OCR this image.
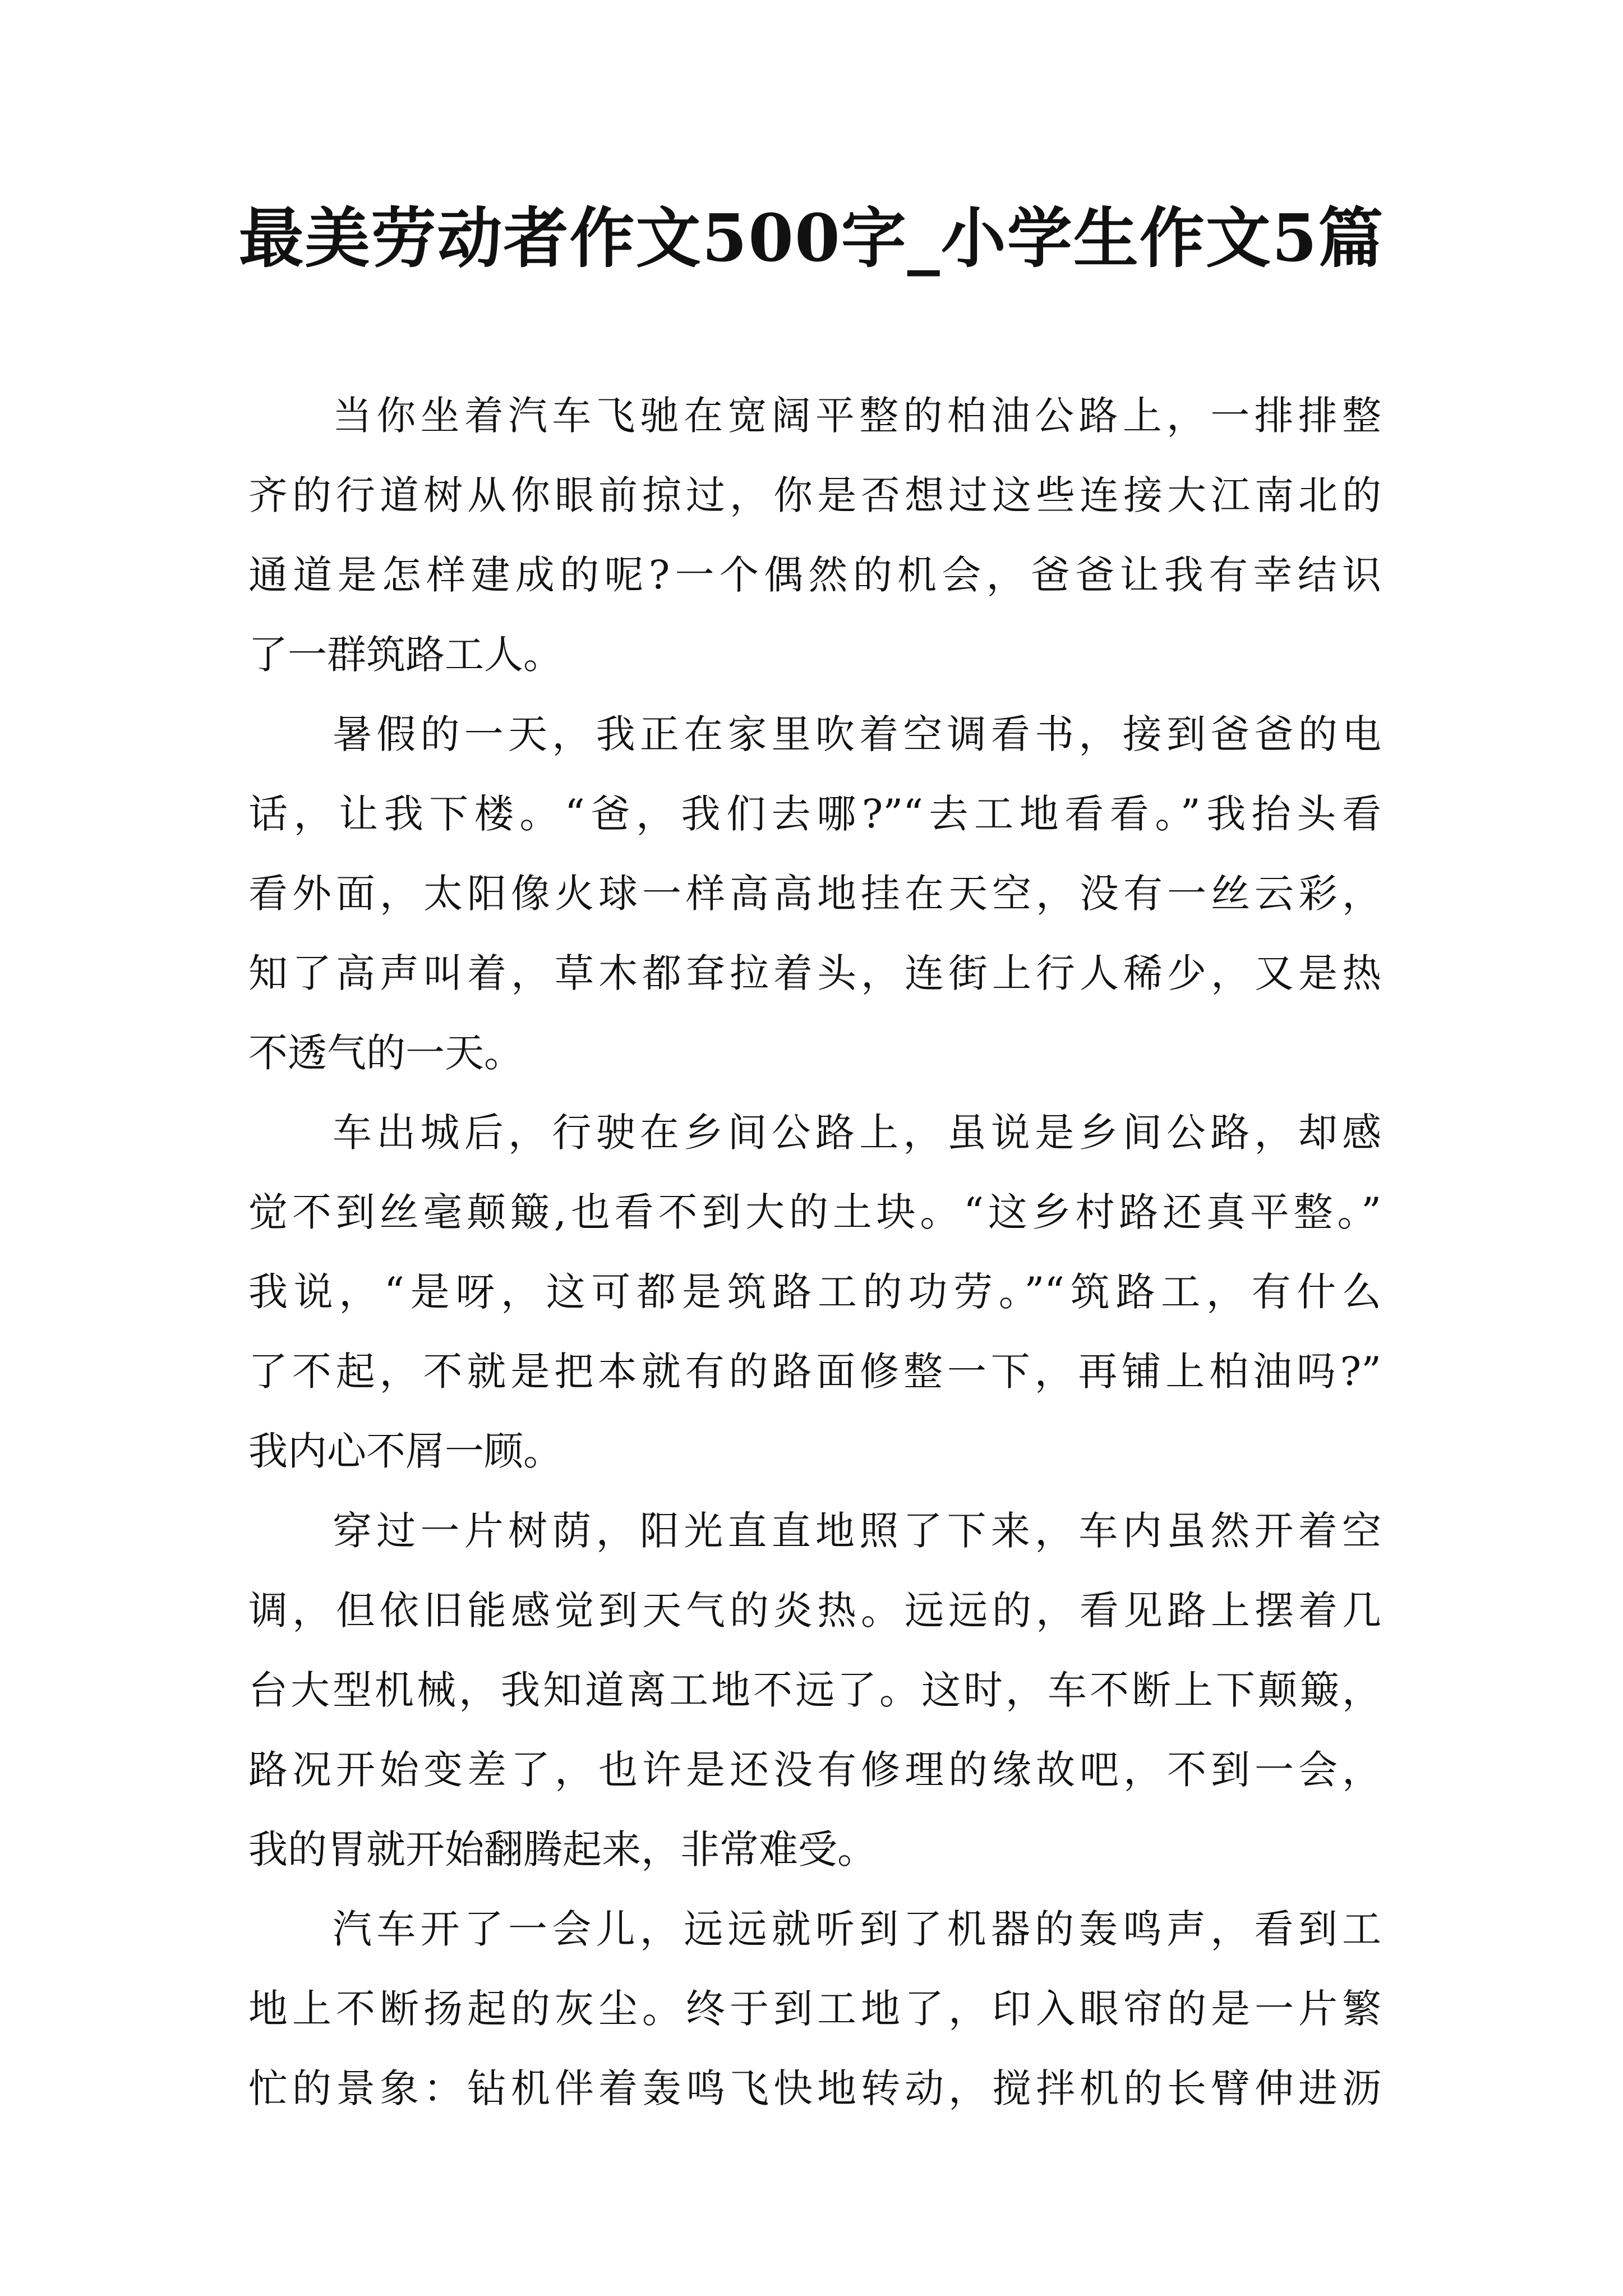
最美劳动者作文500字_小学生作文5篇
当你坐着汽车飞驰在宽阔平整的柏油公路上，一排排整
齐的行道树从你眼前掠过，你是否想过这些连接大江南北的
通道是怎样建成的呢?一个偶然的机会，爸爸让我有幸结识
了一群筑路工人。
暑假的一天，我正在家里吹着空调看书，接到爸爸的电
话，让我下楼。“爸，我们去哪?”“去工地看看。”我抬头看
看外面，太阳像火球一样高高地挂在天空，没有一丝云彩，
知了高声叫着，草木都耷拉着头，连街上行人稀少，又是热
不透气的一天。
车出城后，行驶在乡间公路上，虽说是乡间公路，却感
觉不到丝毫颠簸,也看不到大的土块。“这乡村路还真平整。”
我说，“是呀，这可都是筑路工的功劳。”“筑路工，有什么
了不起，不就是把本就有的路面修整一下，再铺上柏油吗?”
我内心不屑一顾。
穿过一片树荫，阳光直直地照了下来，车内虽然开着空
调，但依旧能感觉到天气的炎热。远远的，看见路上摆着几
台大型机械，我知道离工地不远了。这时，车不断上下颠簸，
路况开始变差了，也许是还没有修理的缘故吧，不到一会，
我的胃就开始翻腾起来，非常难受。
汽车开了一会儿，远远就听到了机器的轰鸣声，看到工
地上不断扬起的灰尘。终于到工地了，印入眼帘的是一片繁
忙的景象：钻机伴着轰鸣飞快地转动，搅拌机的长臂伸进沥
